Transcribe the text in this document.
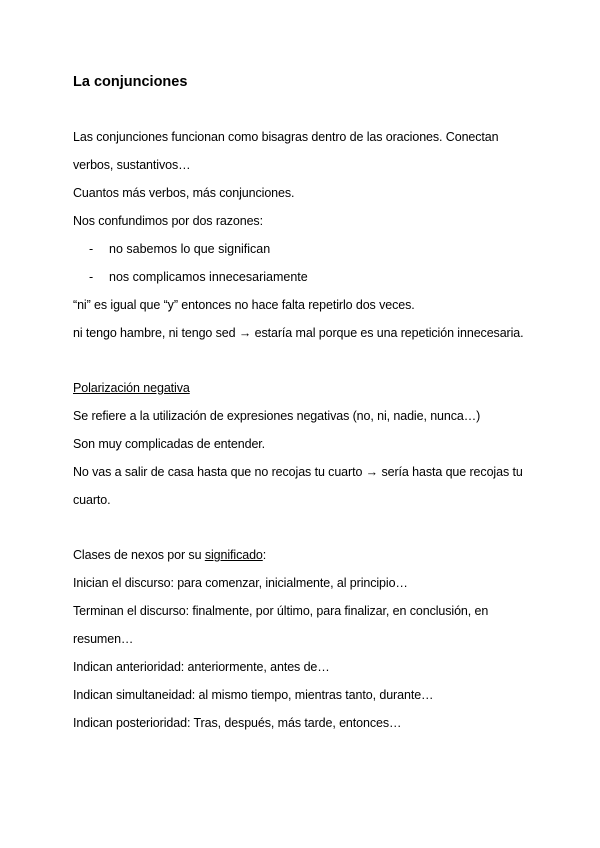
La conjunciones
Las conjunciones funcionan como bisagras dentro de las oraciones. Conectan
verbos, sustantivos…
Cuantos más verbos, más conjunciones.
Nos confundimos por dos razones:
- no sabemos lo que significan
- nos complicamos innecesariamente
“ni” es igual que “y” entonces no hace falta repetirlo dos veces.
ni tengo hambre, ni tengo sed → estaría mal porque es una repetición innecesaria.
Polarización negativa
Se refiere a la utilización de expresiones negativas (no, ni, nadie, nunca…)
Son muy complicadas de entender.
No vas a salir de casa hasta que no recojas tu cuarto → sería hasta que recojas tu
cuarto.
Clases de nexos por su significado:
Inician el discurso: para comenzar, inicialmente, al principio…
Terminan el discurso: finalmente, por último, para finalizar, en conclusión, en
resumen…
Indican anterioridad: anteriormente, antes de…
Indican simultaneidad: al mismo tiempo, mientras tanto, durante…
Indican posterioridad: Tras, después, más tarde, entonces…
